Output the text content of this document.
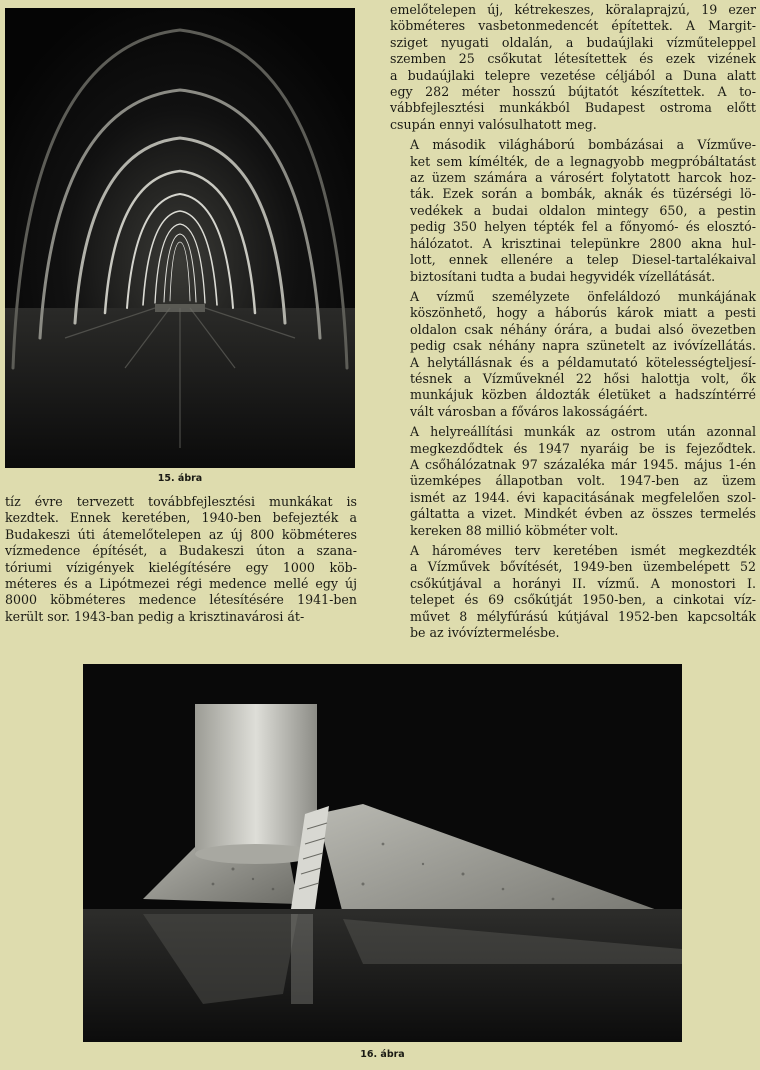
15. ábra

tíz évre tervezett továbbfejlesztési munkákat is
kezdtek. Ennek keretében, 1940-ben befejezték a
Budakeszi úti átemelőtelepen az új 800 köbméteres
vízmedence építését, a Budakeszi úton a szana-
tóriumi vízigények kielégítésére egy 1000 köb-
méteres és a Lipótmezei régi medence mellé egy új
8000 köbméteres medence létesítésére 1941-ben
került sor. 1943-ban pedig a krisztinavárosi át-

emelőtelepen új, kétrekeszes, köralaprajzú, 19 ezer
köbméteres vasbetonmedencét építettek. A Margit-
sziget nyugati oldalán, a budaújlaki vízműteleppel
szemben 25 csőkutat létesítettek és ezek vizének
a budaújlaki telepre vezetése céljából a Duna alatt
egy 282 méter hosszú bújtatót készítettek. A to-
vábbfejlesztési munkákból Budapest ostroma előtt
csupán ennyi valósulhatott meg.

A második világháború bombázásai a Vízműve-
ket sem kímélték, de a legnagyobb megpróbáltatást
az üzem számára a városért folytatott harcok hoz-
ták. Ezek során a bombák, aknák és tüzérségi lö-
vedékek a budai oldalon mintegy 650, a pestin
pedig 350 helyen tépték fel a főnyomó- és elosztó-
hálózatot. A krisztinai telepünkre 2800 akna hul-
lott, ennek ellenére a telep Diesel-tartalékaival
biztosítani tudta a budai hegyvidék vízellátását.

A vízmű személyzete önfeláldozó munkájának
köszönhető, hogy a háborús károk miatt a pesti
oldalon csak néhány órára, a budai alsó övezetben
pedig csak néhány napra szünetelt az ivóvízellátás.
A helytállásnak és a példamutató kötelességteljesí-
tésnek a Vízműveknél 22 hősi halottja volt, ők
munkájuk közben áldozták életüket a hadszíntérré
vált városban a főváros lakosságáért.

A helyreállítási munkák az ostrom után azonnal
megkezdődtek és 1947 nyaráig be is fejeződtek.
A csőhálózatnak 97 százaléka már 1945. május 1-én
üzemképes állapotban volt. 1947-ben az üzem
ismét az 1944. évi kapacitásának megfelelően szol-
gáltatta a vizet. Mindkét évben az összes termelés
kereken 88 millió köbméter volt.

A hároméves terv keretében ismét megkezdték
a Vízművek bővítését, 1949-ben üzembelépett 52
csőkútjával a horányi II. vízmű. A monostori I.
telepet és 69 csőkútját 1950-ben, a cinkotai víz-
művet 8 mélyfúrású kútjával 1952-ben kapcsolták
be az ivóvíztermelésbe.

16. ábra
